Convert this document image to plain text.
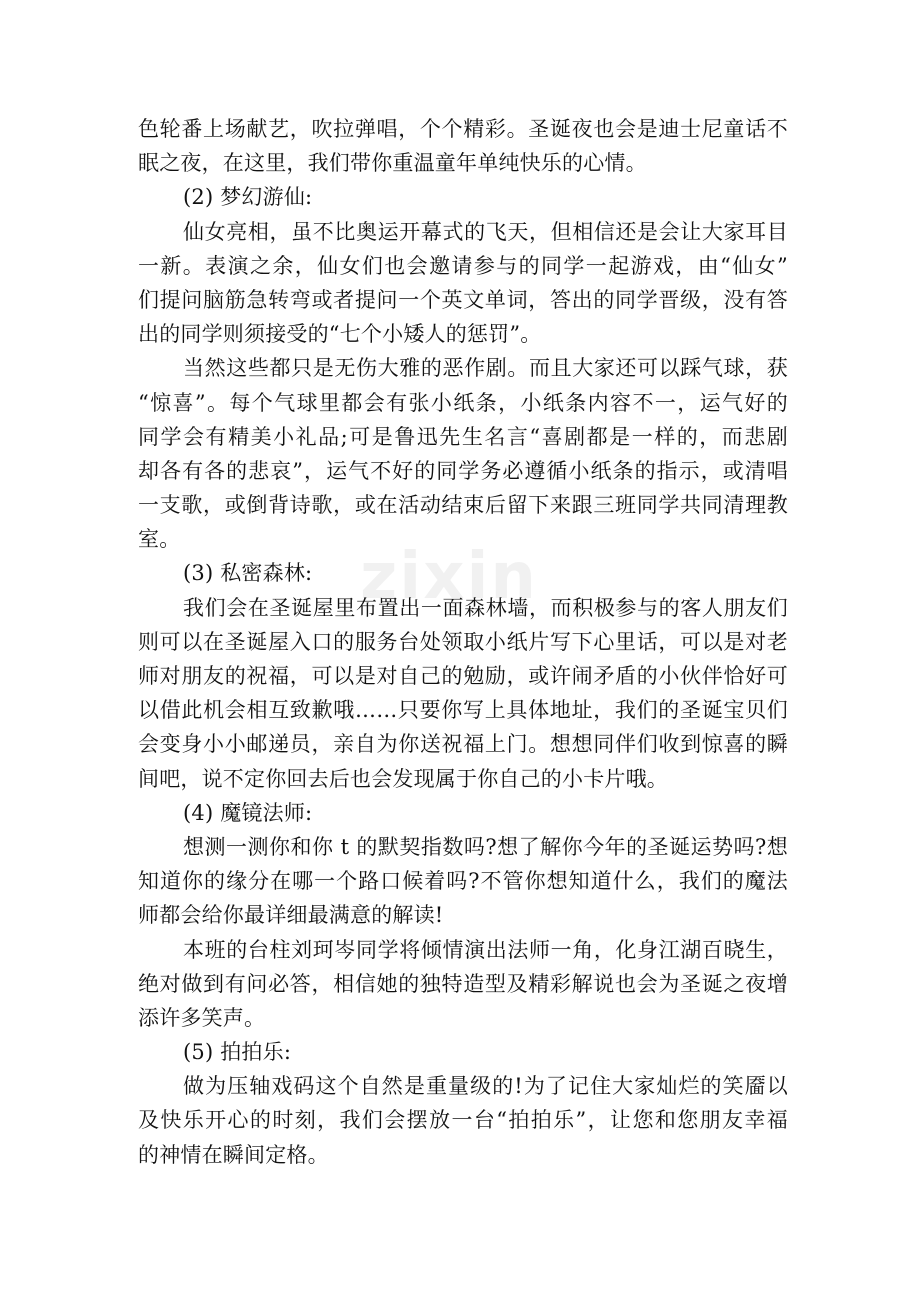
zixin
色轮番上场献艺，吹拉弹唱，个个精彩。圣诞夜也会是迪士尼童话不
眠之夜，在这里，我们带你重温童年单纯快乐的心情。
(2) 梦幻游仙:
仙女亮相，虽不比奥运开幕式的飞天，但相信还是会让大家耳目
一新。表演之余，仙女们也会邀请参与的同学一起游戏，由“仙女”
们提问脑筋急转弯或者提问一个英文单词，答出的同学晋级，没有答
出的同学则须接受的“七个小矮人的惩罚”。
当然这些都只是无伤大雅的恶作剧。而且大家还可以踩气球，获
“惊喜”。每个气球里都会有张小纸条，小纸条内容不一，运气好的
同学会有精美小礼品;可是鲁迅先生名言“喜剧都是一样的，而悲剧
却各有各的悲哀”，运气不好的同学务必遵循小纸条的指示，或清唱
一支歌，或倒背诗歌，或在活动结束后留下来跟三班同学共同清理教
室。
(3) 私密森林:
我们会在圣诞屋里布置出一面森林墙，而积极参与的客人朋友们
则可以在圣诞屋入口的服务台处领取小纸片写下心里话，可以是对老
师对朋友的祝福，可以是对自己的勉励，或许闹矛盾的小伙伴恰好可
以借此机会相互致歉哦……只要你写上具体地址，我们的圣诞宝贝们
会变身小小邮递员，亲自为你送祝福上门。想想同伴们收到惊喜的瞬
间吧，说不定你回去后也会发现属于你自己的小卡片哦。
(4) 魔镜法师:
想测一测你和你 t 的默契指数吗?想了解你今年的圣诞运势吗?想
知道你的缘分在哪一个路口候着吗?不管你想知道什么，我们的魔法
师都会给你最详细最满意的解读!
本班的台柱刘珂岑同学将倾情演出法师一角，化身江湖百晓生，
绝对做到有问必答，相信她的独特造型及精彩解说也会为圣诞之夜增
添许多笑声。
(5) 拍拍乐:
做为压轴戏码这个自然是重量级的!为了记住大家灿烂的笑靥以
及快乐开心的时刻，我们会摆放一台“拍拍乐”，让您和您朋友幸福
的神情在瞬间定格。
